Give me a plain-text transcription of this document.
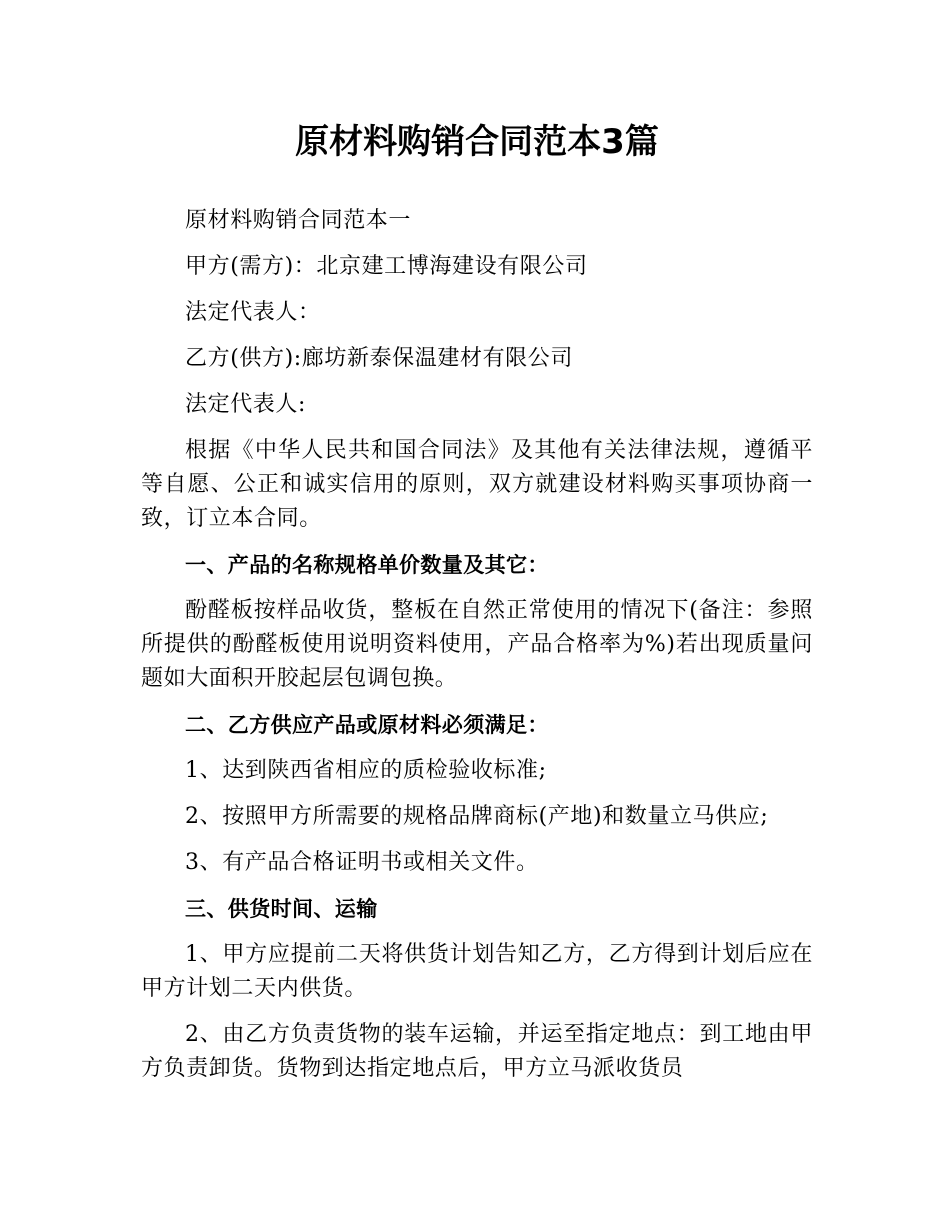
原材料购销合同范本3篇

原材料购销合同范本一

甲方(需方)：北京建工博海建设有限公司

法定代表人：

乙方(供方):廊坊新泰保温建材有限公司

法定代表人:

根据《中华人民共和国合同法》及其他有关法律法规，遵循平等自愿、公正和诚实信用的原则，双方就建设材料购买事项协商一致，订立本合同。

一、产品的名称规格单价数量及其它：

酚醛板按样品收货，整板在自然正常使用的情况下(备注：参照所提供的酚醛板使用说明资料使用，产品合格率为%)若出现质量问题如大面积开胶起层包调包换。

二、乙方供应产品或原材料必须满足：

1、达到陕西省相应的质检验收标准;

2、按照甲方所需要的规格品牌商标(产地)和数量立马供应;

3、有产品合格证明书或相关文件。

三、供货时间、运输

1、甲方应提前二天将供货计划告知乙方，乙方得到计划后应在甲方计划二天内供货。

2、由乙方负责货物的装车运输，并运至指定地点：到工地由甲方负责卸货。货物到达指定地点后，甲方立马派收货员
